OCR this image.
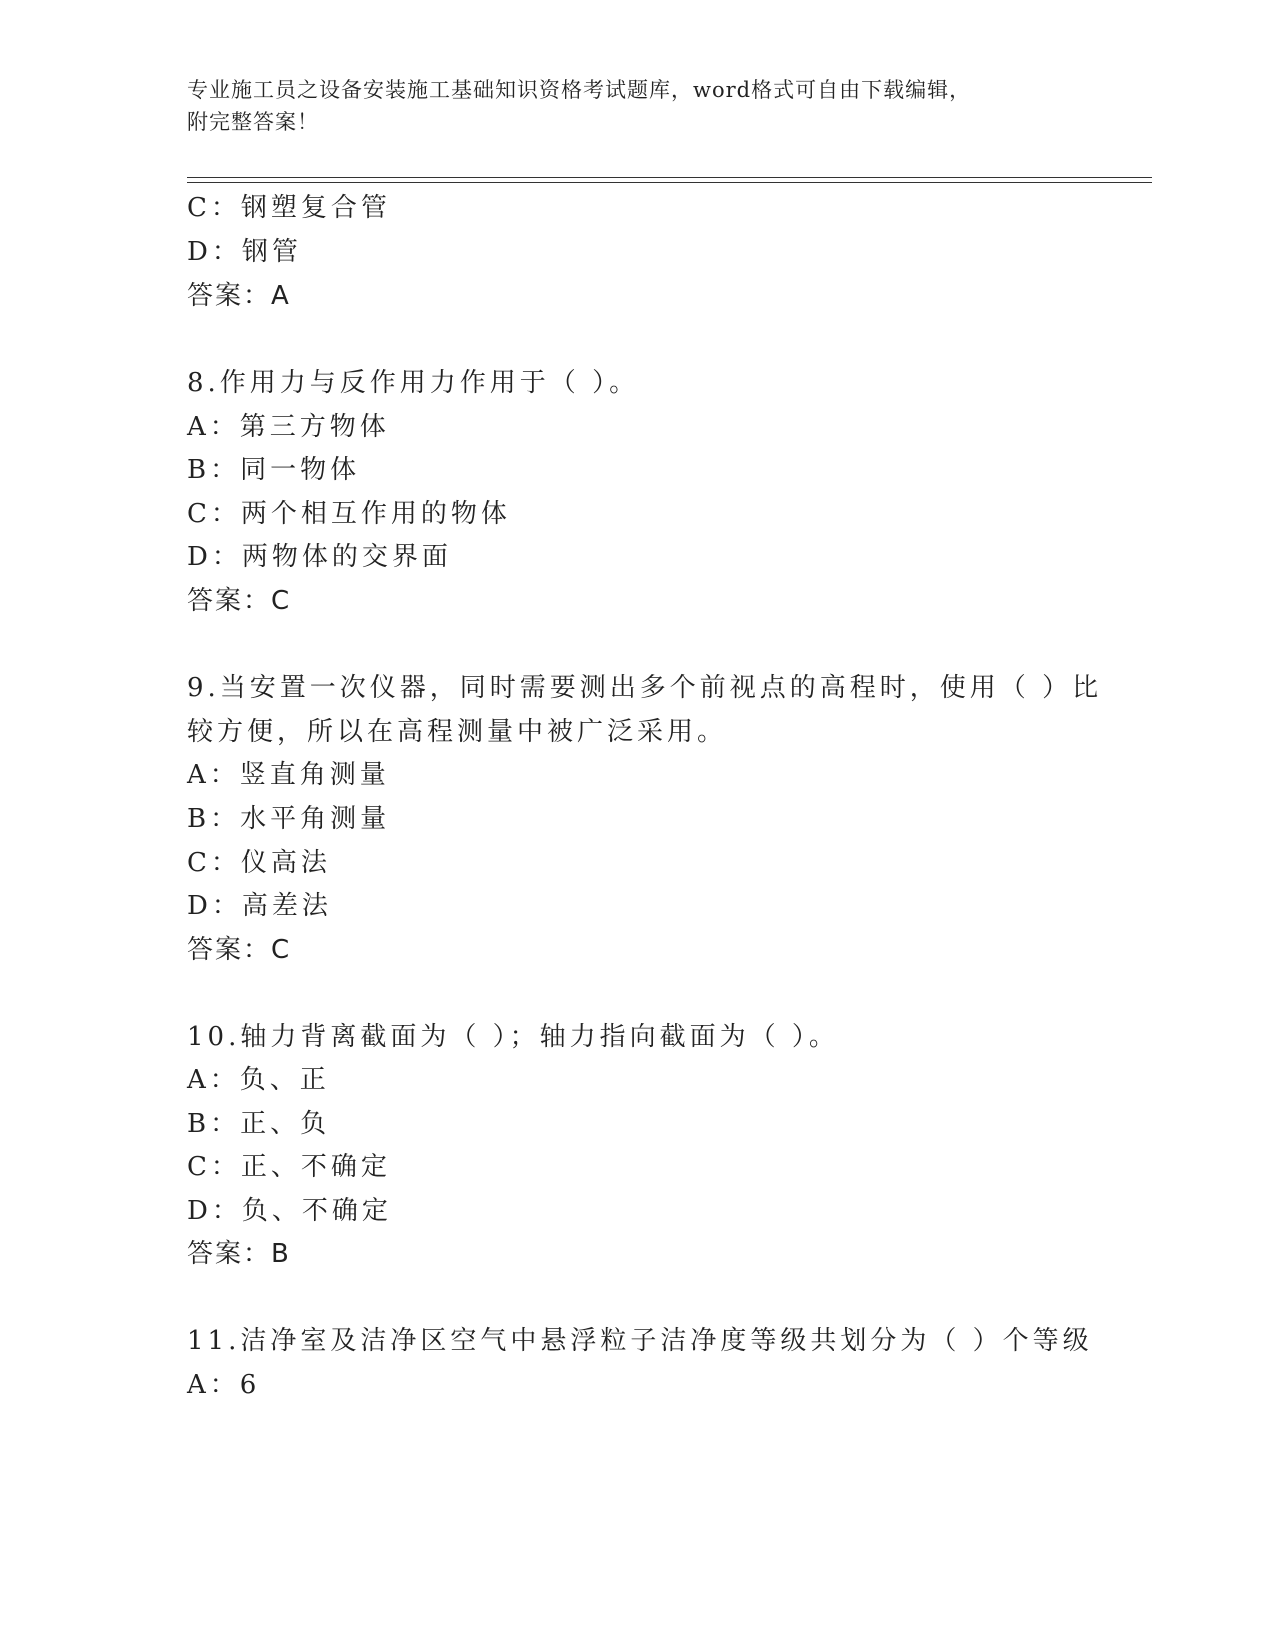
专业施工员之设备安装施工基础知识资格考试题库，word格式可自由下载编辑，
附完整答案！
C：钢塑复合管
D：钢管
答案：A
8.作用力与反作用力作用于（ ）。
A：第三方物体
B：同一物体
C：两个相互作用的物体
D：两物体的交界面
答案：C
9.当安置一次仪器，同时需要测出多个前视点的高程时，使用（ ）比
较方便，所以在高程测量中被广泛采用。
A：竖直角测量
B：水平角测量
C：仪高法
D：高差法
答案：C
10.轴力背离截面为（ ）；轴力指向截面为（ ）。
A：负、正
B：正、负
C：正、不确定
D：负、不确定
答案：B
11.洁净室及洁净区空气中悬浮粒子洁净度等级共划分为（ ）个等级
A：6
